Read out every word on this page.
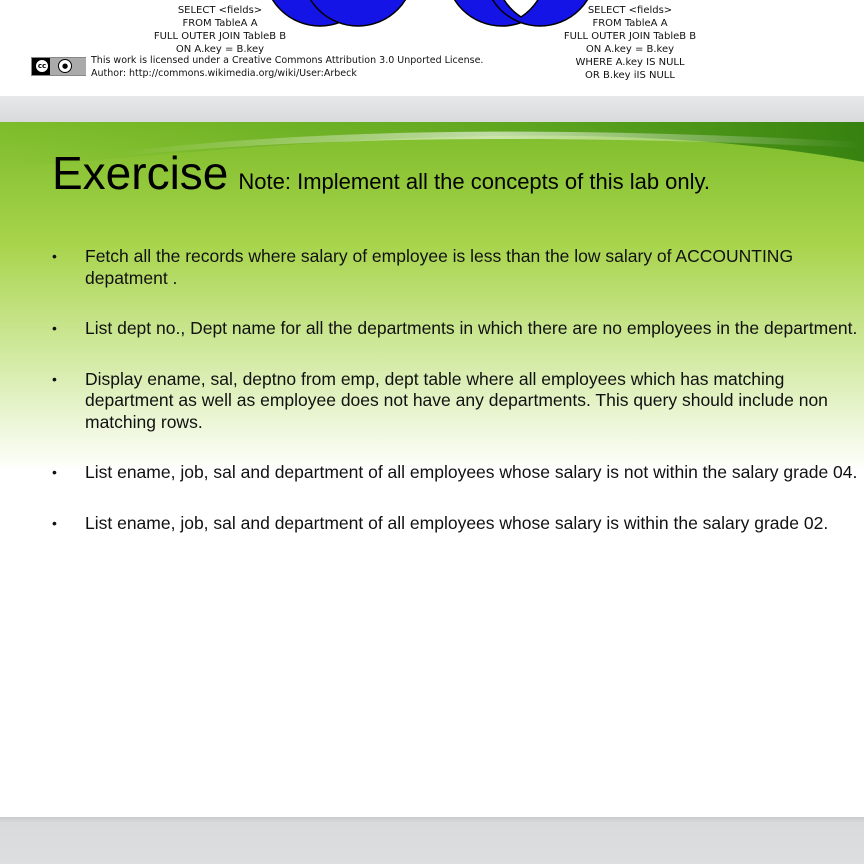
SELECT <fields>
FROM TableA A
FULL OUTER JOIN TableB B
ON A.key = B.key
SELECT <fields>
FROM TableA A
FULL OUTER JOIN TableB B
ON A.key = B.key
WHERE A.key IS NULL
OR B.key iIS NULL
cc	●	This work is licensed under a Creative Commons Attribution 3.0 Unported License.
Author: http://commons.wikimedia.org/wiki/User:Arbeck
Exercise Note: Implement all the concepts of this lab only.
• Fetch all the records where salary of employee is less than the low salary of ACCOUNTING depatment .
• List dept no., Dept name for all the departments in which there are no employees in the department.
• Display ename, sal, deptno from emp, dept table where all employees which has matching department as well as employee does not have any departments. This query should include non matching rows.
• List ename, job, sal and department of all employees whose salary is not within the salary grade 04.
• List ename, job, sal and department of all employees whose salary is within the salary grade 02.
